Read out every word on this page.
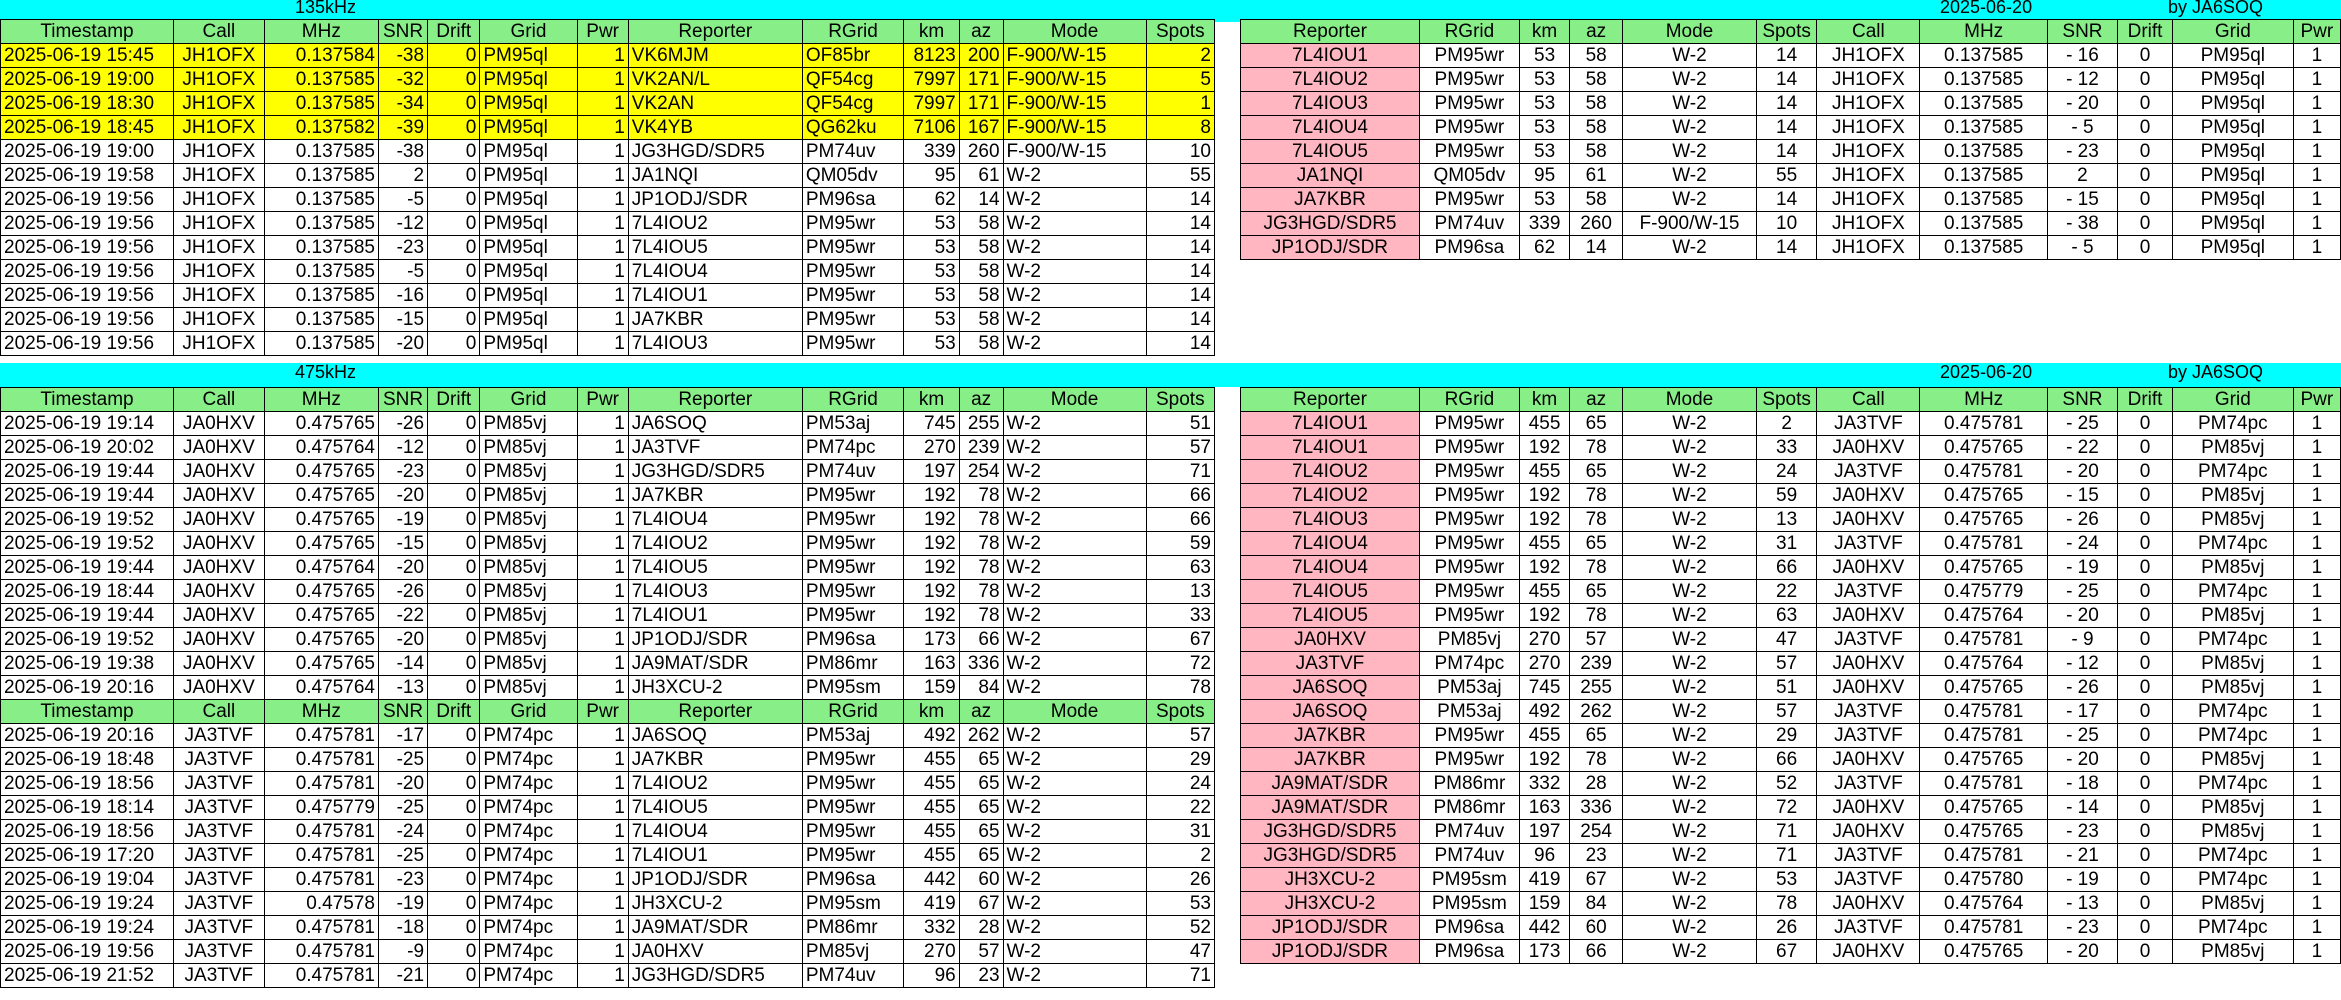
135kHz	2025-06-20	by JA6SOQ
475kHz	2025-06-20	by JA6SOQ
Timestamp	Call	MHz	SNR	Drift	Grid	Pwr	Reporter	RGrid	km	az	Mode	Spots
2025-06-19 15:45	JH1OFX	0.137584	-38	0	PM95ql	1	VK6MJM	OF85br	8123	200	F-900/W-15	2
2025-06-19 19:00	JH1OFX	0.137585	-32	0	PM95ql	1	VK2AN/L	QF54cg	7997	171	F-900/W-15	5
2025-06-19 18:30	JH1OFX	0.137585	-34	0	PM95ql	1	VK2AN	QF54cg	7997	171	F-900/W-15	1
2025-06-19 18:45	JH1OFX	0.137582	-39	0	PM95ql	1	VK4YB	QG62ku	7106	167	F-900/W-15	8
2025-06-19 19:00	JH1OFX	0.137585	-38	0	PM95ql	1	JG3HGD/SDR5	PM74uv	339	260	F-900/W-15	10
2025-06-19 19:58	JH1OFX	0.137585	2	0	PM95ql	1	JA1NQI	QM05dv	95	61	W-2	55
2025-06-19 19:56	JH1OFX	0.137585	-5	0	PM95ql	1	JP1ODJ/SDR	PM96sa	62	14	W-2	14
2025-06-19 19:56	JH1OFX	0.137585	-12	0	PM95ql	1	7L4IOU2	PM95wr	53	58	W-2	14
2025-06-19 19:56	JH1OFX	0.137585	-23	0	PM95ql	1	7L4IOU5	PM95wr	53	58	W-2	14
2025-06-19 19:56	JH1OFX	0.137585	-5	0	PM95ql	1	7L4IOU4	PM95wr	53	58	W-2	14
2025-06-19 19:56	JH1OFX	0.137585	-16	0	PM95ql	1	7L4IOU1	PM95wr	53	58	W-2	14
2025-06-19 19:56	JH1OFX	0.137585	-15	0	PM95ql	1	JA7KBR	PM95wr	53	58	W-2	14
2025-06-19 19:56	JH1OFX	0.137585	-20	0	PM95ql	1	7L4IOU3	PM95wr	53	58	W-2	14
Reporter	RGrid	km	az	Mode	Spots	Call	MHz	SNR	Drift	Grid	Pwr
7L4IOU1	PM95wr	53	58	W-2	14	JH1OFX	0.137585	- 16	0	PM95ql	1
7L4IOU2	PM95wr	53	58	W-2	14	JH1OFX	0.137585	- 12	0	PM95ql	1
7L4IOU3	PM95wr	53	58	W-2	14	JH1OFX	0.137585	- 20	0	PM95ql	1
7L4IOU4	PM95wr	53	58	W-2	14	JH1OFX	0.137585	- 5	0	PM95ql	1
7L4IOU5	PM95wr	53	58	W-2	14	JH1OFX	0.137585	- 23	0	PM95ql	1
JA1NQI	QM05dv	95	61	W-2	55	JH1OFX	0.137585	2	0	PM95ql	1
JA7KBR	PM95wr	53	58	W-2	14	JH1OFX	0.137585	- 15	0	PM95ql	1
JG3HGD/SDR5	PM74uv	339	260	F-900/W-15	10	JH1OFX	0.137585	- 38	0	PM95ql	1
JP1ODJ/SDR	PM96sa	62	14	W-2	14	JH1OFX	0.137585	- 5	0	PM95ql	1
Timestamp	Call	MHz	SNR	Drift	Grid	Pwr	Reporter	RGrid	km	az	Mode	Spots
2025-06-19 19:14	JA0HXV	0.475765	-26	0	PM85vj	1	JA6SOQ	PM53aj	745	255	W-2	51
2025-06-19 20:02	JA0HXV	0.475764	-12	0	PM85vj	1	JA3TVF	PM74pc	270	239	W-2	57
2025-06-19 19:44	JA0HXV	0.475765	-23	0	PM85vj	1	JG3HGD/SDR5	PM74uv	197	254	W-2	71
2025-06-19 19:44	JA0HXV	0.475765	-20	0	PM85vj	1	JA7KBR	PM95wr	192	78	W-2	66
2025-06-19 19:52	JA0HXV	0.475765	-19	0	PM85vj	1	7L4IOU4	PM95wr	192	78	W-2	66
2025-06-19 19:52	JA0HXV	0.475765	-15	0	PM85vj	1	7L4IOU2	PM95wr	192	78	W-2	59
2025-06-19 19:44	JA0HXV	0.475764	-20	0	PM85vj	1	7L4IOU5	PM95wr	192	78	W-2	63
2025-06-19 18:44	JA0HXV	0.475765	-26	0	PM85vj	1	7L4IOU3	PM95wr	192	78	W-2	13
2025-06-19 19:44	JA0HXV	0.475765	-22	0	PM85vj	1	7L4IOU1	PM95wr	192	78	W-2	33
2025-06-19 19:52	JA0HXV	0.475765	-20	0	PM85vj	1	JP1ODJ/SDR	PM96sa	173	66	W-2	67
2025-06-19 19:38	JA0HXV	0.475765	-14	0	PM85vj	1	JA9MAT/SDR	PM86mr	163	336	W-2	72
2025-06-19 20:16	JA0HXV	0.475764	-13	0	PM85vj	1	JH3XCU-2	PM95sm	159	84	W-2	78
Timestamp	Call	MHz	SNR	Drift	Grid	Pwr	Reporter	RGrid	km	az	Mode	Spots
2025-06-19 20:16	JA3TVF	0.475781	-17	0	PM74pc	1	JA6SOQ	PM53aj	492	262	W-2	57
2025-06-19 18:48	JA3TVF	0.475781	-25	0	PM74pc	1	JA7KBR	PM95wr	455	65	W-2	29
2025-06-19 18:56	JA3TVF	0.475781	-20	0	PM74pc	1	7L4IOU2	PM95wr	455	65	W-2	24
2025-06-19 18:14	JA3TVF	0.475779	-25	0	PM74pc	1	7L4IOU5	PM95wr	455	65	W-2	22
2025-06-19 18:56	JA3TVF	0.475781	-24	0	PM74pc	1	7L4IOU4	PM95wr	455	65	W-2	31
2025-06-19 17:20	JA3TVF	0.475781	-25	0	PM74pc	1	7L4IOU1	PM95wr	455	65	W-2	2
2025-06-19 19:04	JA3TVF	0.475781	-23	0	PM74pc	1	JP1ODJ/SDR	PM96sa	442	60	W-2	26
2025-06-19 19:24	JA3TVF	0.47578	-19	0	PM74pc	1	JH3XCU-2	PM95sm	419	67	W-2	53
2025-06-19 19:24	JA3TVF	0.475781	-18	0	PM74pc	1	JA9MAT/SDR	PM86mr	332	28	W-2	52
2025-06-19 19:56	JA3TVF	0.475781	-9	0	PM74pc	1	JA0HXV	PM85vj	270	57	W-2	47
2025-06-19 21:52	JA3TVF	0.475781	-21	0	PM74pc	1	JG3HGD/SDR5	PM74uv	96	23	W-2	71
Reporter	RGrid	km	az	Mode	Spots	Call	MHz	SNR	Drift	Grid	Pwr
7L4IOU1	PM95wr	455	65	W-2	2	JA3TVF	0.475781	- 25	0	PM74pc	1
7L4IOU1	PM95wr	192	78	W-2	33	JA0HXV	0.475765	- 22	0	PM85vj	1
7L4IOU2	PM95wr	455	65	W-2	24	JA3TVF	0.475781	- 20	0	PM74pc	1
7L4IOU2	PM95wr	192	78	W-2	59	JA0HXV	0.475765	- 15	0	PM85vj	1
7L4IOU3	PM95wr	192	78	W-2	13	JA0HXV	0.475765	- 26	0	PM85vj	1
7L4IOU4	PM95wr	455	65	W-2	31	JA3TVF	0.475781	- 24	0	PM74pc	1
7L4IOU4	PM95wr	192	78	W-2	66	JA0HXV	0.475765	- 19	0	PM85vj	1
7L4IOU5	PM95wr	455	65	W-2	22	JA3TVF	0.475779	- 25	0	PM74pc	1
7L4IOU5	PM95wr	192	78	W-2	63	JA0HXV	0.475764	- 20	0	PM85vj	1
JA0HXV	PM85vj	270	57	W-2	47	JA3TVF	0.475781	- 9	0	PM74pc	1
JA3TVF	PM74pc	270	239	W-2	57	JA0HXV	0.475764	- 12	0	PM85vj	1
JA6SOQ	PM53aj	745	255	W-2	51	JA0HXV	0.475765	- 26	0	PM85vj	1
JA6SOQ	PM53aj	492	262	W-2	57	JA3TVF	0.475781	- 17	0	PM74pc	1
JA7KBR	PM95wr	455	65	W-2	29	JA3TVF	0.475781	- 25	0	PM74pc	1
JA7KBR	PM95wr	192	78	W-2	66	JA0HXV	0.475765	- 20	0	PM85vj	1
JA9MAT/SDR	PM86mr	332	28	W-2	52	JA3TVF	0.475781	- 18	0	PM74pc	1
JA9MAT/SDR	PM86mr	163	336	W-2	72	JA0HXV	0.475765	- 14	0	PM85vj	1
JG3HGD/SDR5	PM74uv	197	254	W-2	71	JA0HXV	0.475765	- 23	0	PM85vj	1
JG3HGD/SDR5	PM74uv	96	23	W-2	71	JA3TVF	0.475781	- 21	0	PM74pc	1
JH3XCU-2	PM95sm	419	67	W-2	53	JA3TVF	0.475780	- 19	0	PM74pc	1
JH3XCU-2	PM95sm	159	84	W-2	78	JA0HXV	0.475764	- 13	0	PM85vj	1
JP1ODJ/SDR	PM96sa	442	60	W-2	26	JA3TVF	0.475781	- 23	0	PM74pc	1
JP1ODJ/SDR	PM96sa	173	66	W-2	67	JA0HXV	0.475765	- 20	0	PM85vj	1
